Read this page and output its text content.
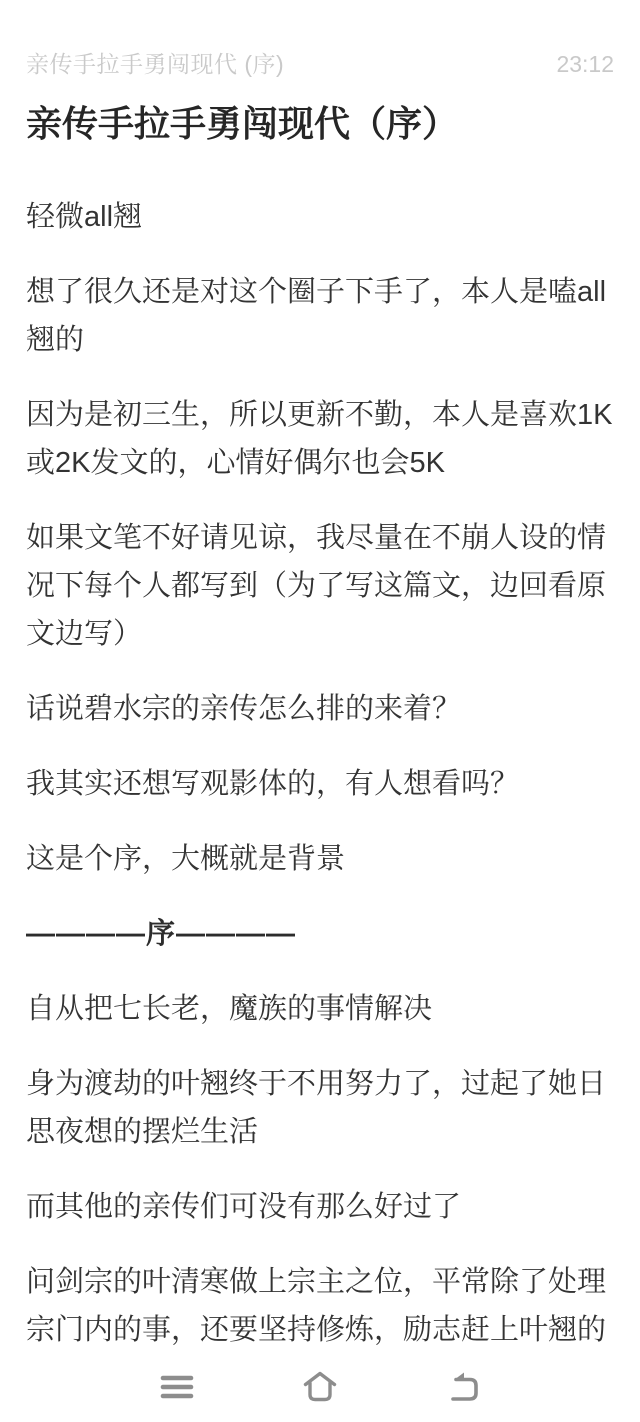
亲传手拉手勇闯现代 (序)	23:12
亲传手拉手勇闯现代（序）

轻微all翘

想了很久还是对这个圈子下手了，本人是嗑all翘的

因为是初三生，所以更新不勤，本人是喜欢1K或2K发文的，心情好偶尔也会5K

如果文笔不好请见谅，我尽量在不崩人设的情况下每个人都写到（为了写这篇文，边回看原文边写）

话说碧水宗的亲传怎么排的来着？

我其实还想写观影体的，有人想看吗？

这是个序，大概就是背景

————序————

自从把七长老，魔族的事情解决

身为渡劫的叶翘终于不用努力了，过起了她日思夜想的摆烂生活

而其他的亲传们可没有那么好过了

问剑宗的叶清寒做上宗主之位，平常除了处理宗门内的事，还要坚持修炼，励志赶上叶翘的
